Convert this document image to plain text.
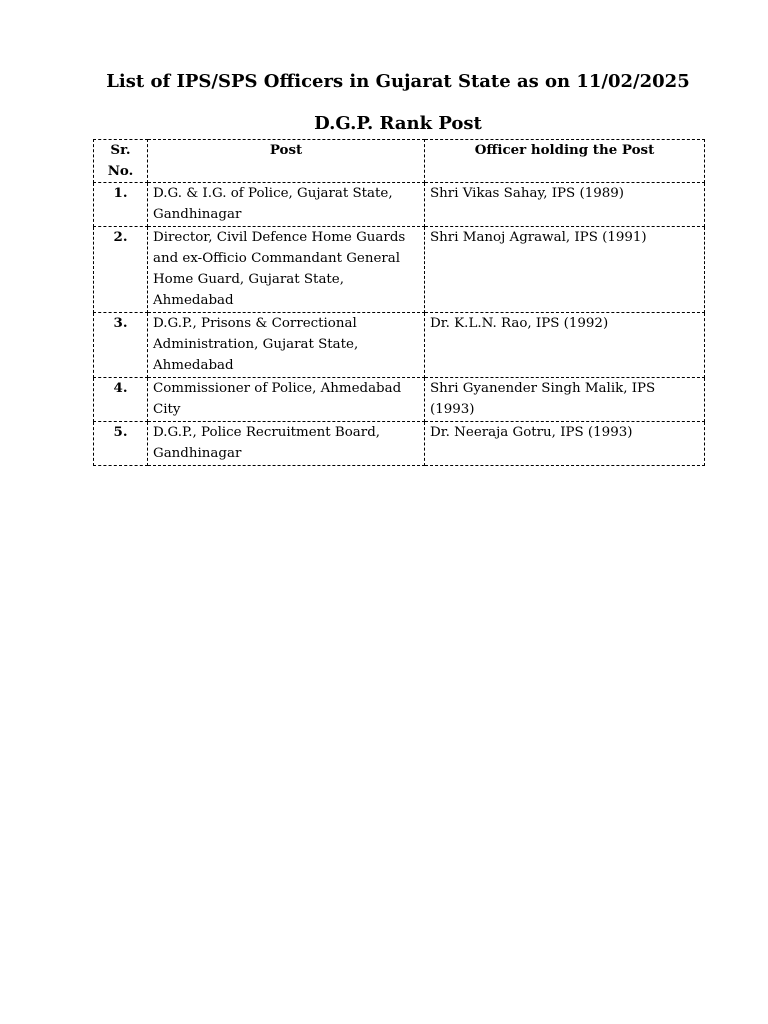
List of IPS/SPS Officers in Gujarat State as on 11/02/2025
D.G.P. Rank Post
Sr.
No.	Post	Officer holding the Post
1.	D.G. & I.G. of Police, Gujarat State, Gandhinagar	Shri Vikas Sahay, IPS (1989)
2.	Director, Civil Defence Home Guards and ex-Officio Commandant General Home Guard, Gujarat State, Ahmedabad	Shri Manoj Agrawal, IPS (1991)
3.	D.G.P., Prisons & Correctional Administration, Gujarat State, Ahmedabad	Dr. K.L.N. Rao, IPS (1992)
4.	Commissioner of Police, Ahmedabad City	Shri Gyanender Singh Malik, IPS (1993)
5.	D.G.P., Police Recruitment Board, Gandhinagar	Dr. Neeraja Gotru, IPS (1993)
